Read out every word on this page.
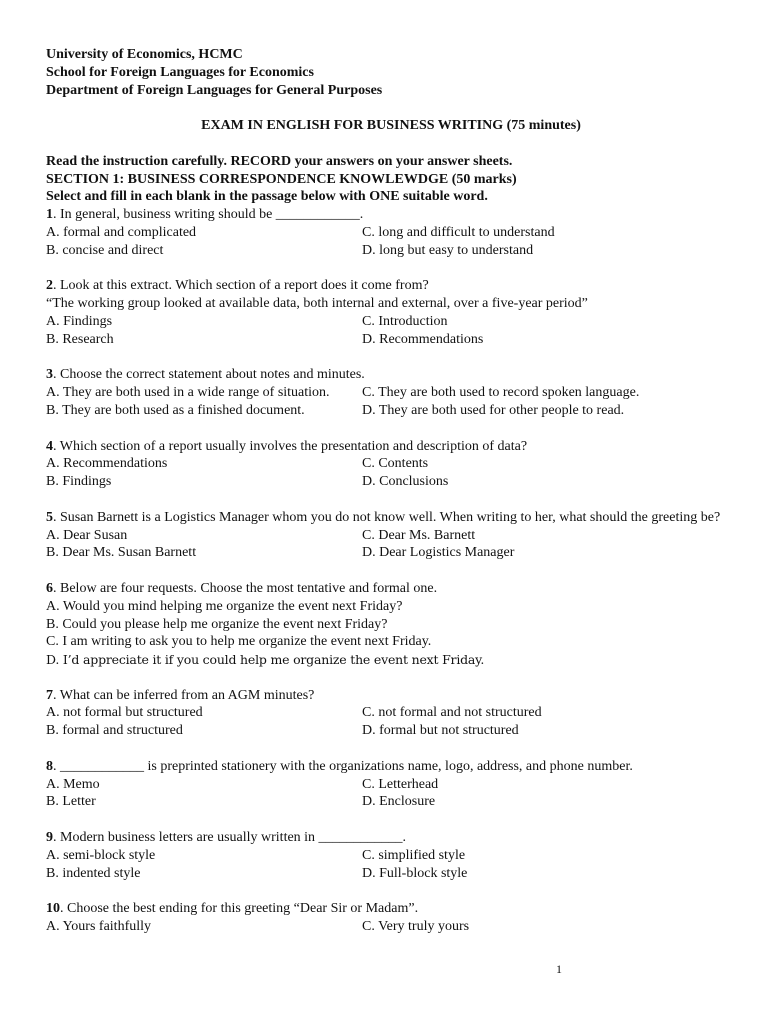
University of Economics, HCMC
School for Foreign Languages for Economics
Department of Foreign Languages for General Purposes
EXAM IN ENGLISH FOR BUSINESS WRITING (75 minutes)
Read the instruction carefully. RECORD your answers on your answer sheets.
SECTION 1: BUSINESS CORRESPONDENCE KNOWLEWDGE (50 marks)
Select and fill in each blank in the passage below with ONE suitable word.
1. In general, business writing should be ____________.
A. formal and complicated	C. long and difficult to understand
B. concise and direct	D. long but easy to understand
2. Look at this extract. Which section of a report does it come from?
“The working group looked at available data, both internal and external, over a five-year period”
A. Findings	C. Introduction
B. Research	D. Recommendations
3. Choose the correct statement about notes and minutes.
A. They are both used in a wide range of situation.	C. They are both used to record spoken language.
B. They are both used as a finished document.	D. They are both used for other people to read.
4. Which section of a report usually involves the presentation and description of data?
A. Recommendations	C. Contents
B. Findings	D. Conclusions
5. Susan Barnett is a Logistics Manager whom you do not know well. When writing to her, what should the greeting be?
A. Dear Susan	C. Dear Ms. Barnett
B. Dear Ms. Susan Barnett	D. Dear Logistics Manager
6. Below are four requests. Choose the most tentative and formal one.
A. Would you mind helping me organize the event next Friday?
B. Could you please help me organize the event next Friday?
C. I am writing to ask you to help me organize the event next Friday.
D. I’d appreciate it if you could help me organize the event next Friday.
7. What can be inferred from an AGM minutes?
A. not formal but structured	C. not formal and not structured
B. formal and structured	D. formal but not structured
8. ____________ is preprinted stationery with the organizations name, logo, address, and phone number.
A. Memo	C. Letterhead
B. Letter	D. Enclosure
9. Modern business letters are usually written in ____________.
A. semi-block style	C. simplified style
B. indented style	D. Full-block style
10. Choose the best ending for this greeting “Dear Sir or Madam”.
A. Yours faithfully	C. Very truly yours
1
